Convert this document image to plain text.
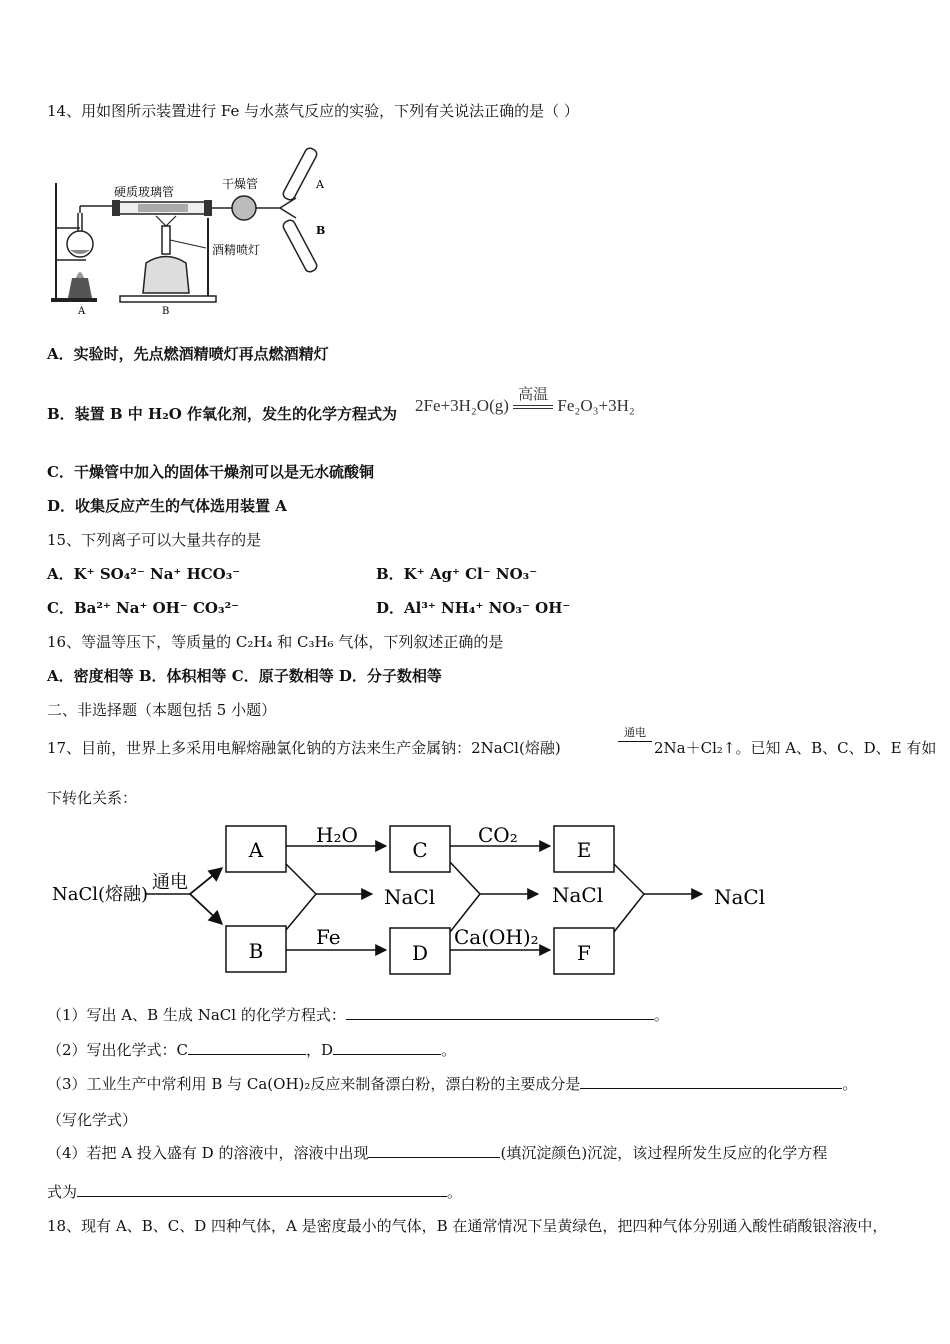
14、用如图所示装置进行 Fe 与水蒸气反应的实验，下列有关说法正确的是（ ）
硬质玻璃管
干燥管
酒精喷灯
A
B
A	B
A．实验时，先点燃酒精喷灯再点燃酒精灯
B．装置 B 中 H₂O 作氧化剂，发生的化学方程式为 2Fe+3H₂O(g)
高温
Fe₂O₃+3H₂
C．干燥管中加入的固体干燥剂可以是无水硫酸铜
D．收集反应产生的气体选用装置 A
15、下列离子可以大量共存的是
A．K⁺ SO₄²⁻ Na⁺ HCO₃⁻	B．K⁺ Ag⁺ Cl⁻ NO₃⁻
C．Ba²⁺ Na⁺ OH⁻ CO₃²⁻	D．Al³⁺ NH₄⁺ NO₃⁻ OH⁻
16、等温等压下，等质量的 C₂H₄ 和 C₃H₆ 气体，下列叙述正确的是
A．密度相等 B．体积相等 C．原子数相等 D．分子数相等
二、非选择题（本题包括 5 小题）
17、目前，世界上多采用电解熔融氯化钠的方法来生产金属钠：2NaCl(熔融)
通电
2Na＋Cl₂↑。已知 A、B、C、D、E 有如
下转化关系：
NaCl(熔融)
通电
A
B
H₂O
Fe
NaCl
C
D
CO₂
Ca(OH)₂
NaCl
E
F
NaCl
（1）写出 A、B 生成 NaCl 的化学方程式：	。
（2）写出化学式：C	，D	。
（3）工业生产中常利用 B 与 Ca(OH)₂反应来制备漂白粉，漂白粉的主要成分是	。
（写化学式）
（4）若把 A 投入盛有 D 的溶液中，溶液中出现	(填沉淀颜色)沉淀，该过程所发生反应的化学方程
式为	。
18、现有 A、B、C、D 四种气体，A 是密度最小的气体，B 在通常情况下呈黄绿色，把四种气体分别通入酸性硝酸银溶液中，
